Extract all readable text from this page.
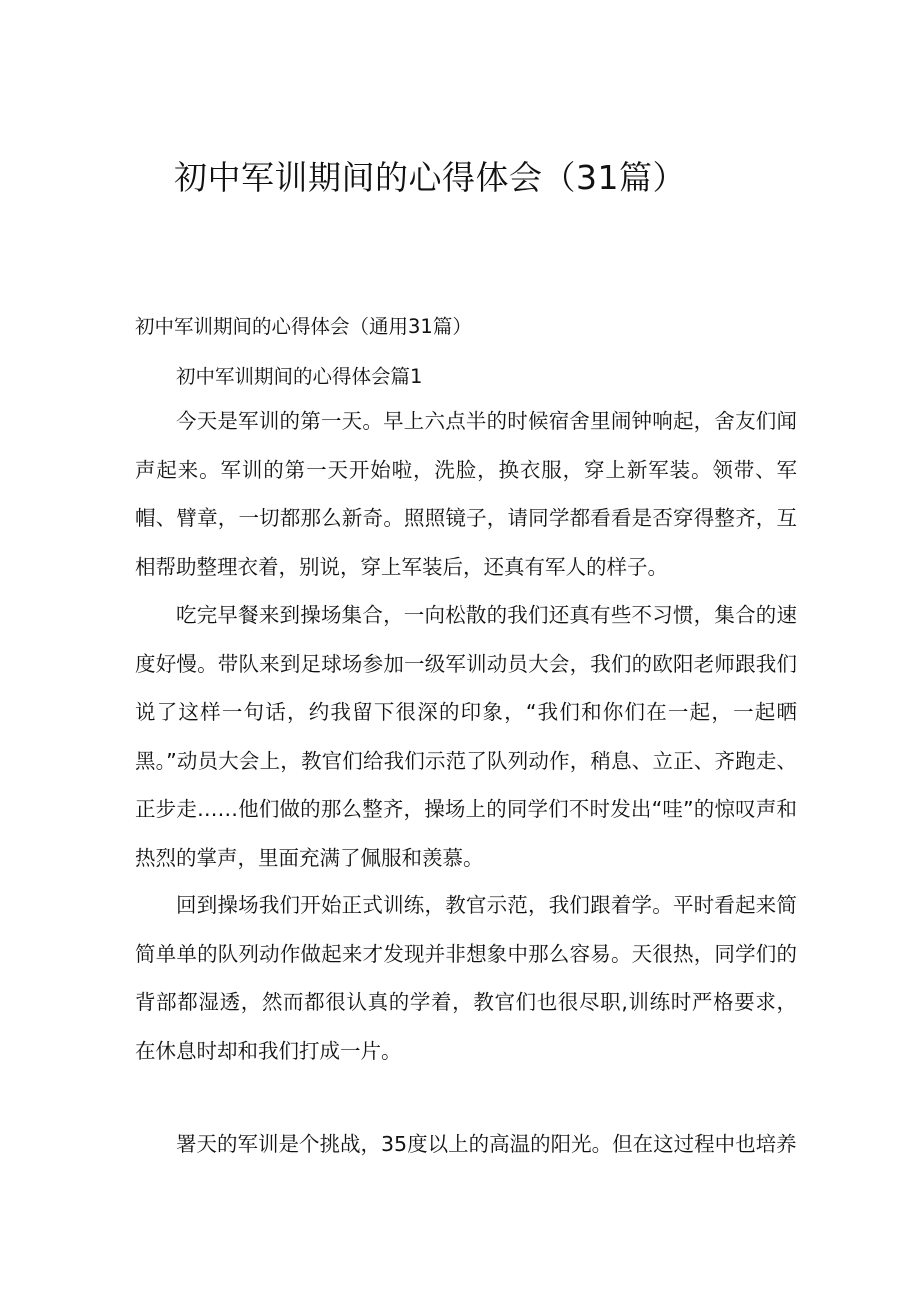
初中军训期间的心得体会（31篇）

初中军训期间的心得体会（通用31篇）

初中军训期间的心得体会篇1

今天是军训的第一天。早上六点半的时候宿舍里闹钟响起，舍友们闻声起来。军训的第一天开始啦，洗脸，换衣服，穿上新军装。领带、军帽、臂章，一切都那么新奇。照照镜子，请同学都看看是否穿得整齐，互相帮助整理衣着，别说，穿上军装后，还真有军人的样子。

吃完早餐来到操场集合，一向松散的我们还真有些不习惯，集合的速度好慢。带队来到足球场参加一级军训动员大会，我们的欧阳老师跟我们说了这样一句话，约我留下很深的印象，“我们和你们在一起，一起晒黑。”动员大会上，教官们给我们示范了队列动作，稍息、立正、齐跑走、正步走……他们做的那么整齐，操场上的同学们不时发出“哇”的惊叹声和热烈的掌声，里面充满了佩服和羡慕。

回到操场我们开始正式训练，教官示范，我们跟着学。平时看起来简简单单的队列动作做起来才发现并非想象中那么容易。天很热，同学们的背部都湿透，然而都很认真的学着，教官们也很尽职,训练时严格要求，在休息时却和我们打成一片。

署天的军训是个挑战，35度以上的高温的阳光。但在这过程中也培养
